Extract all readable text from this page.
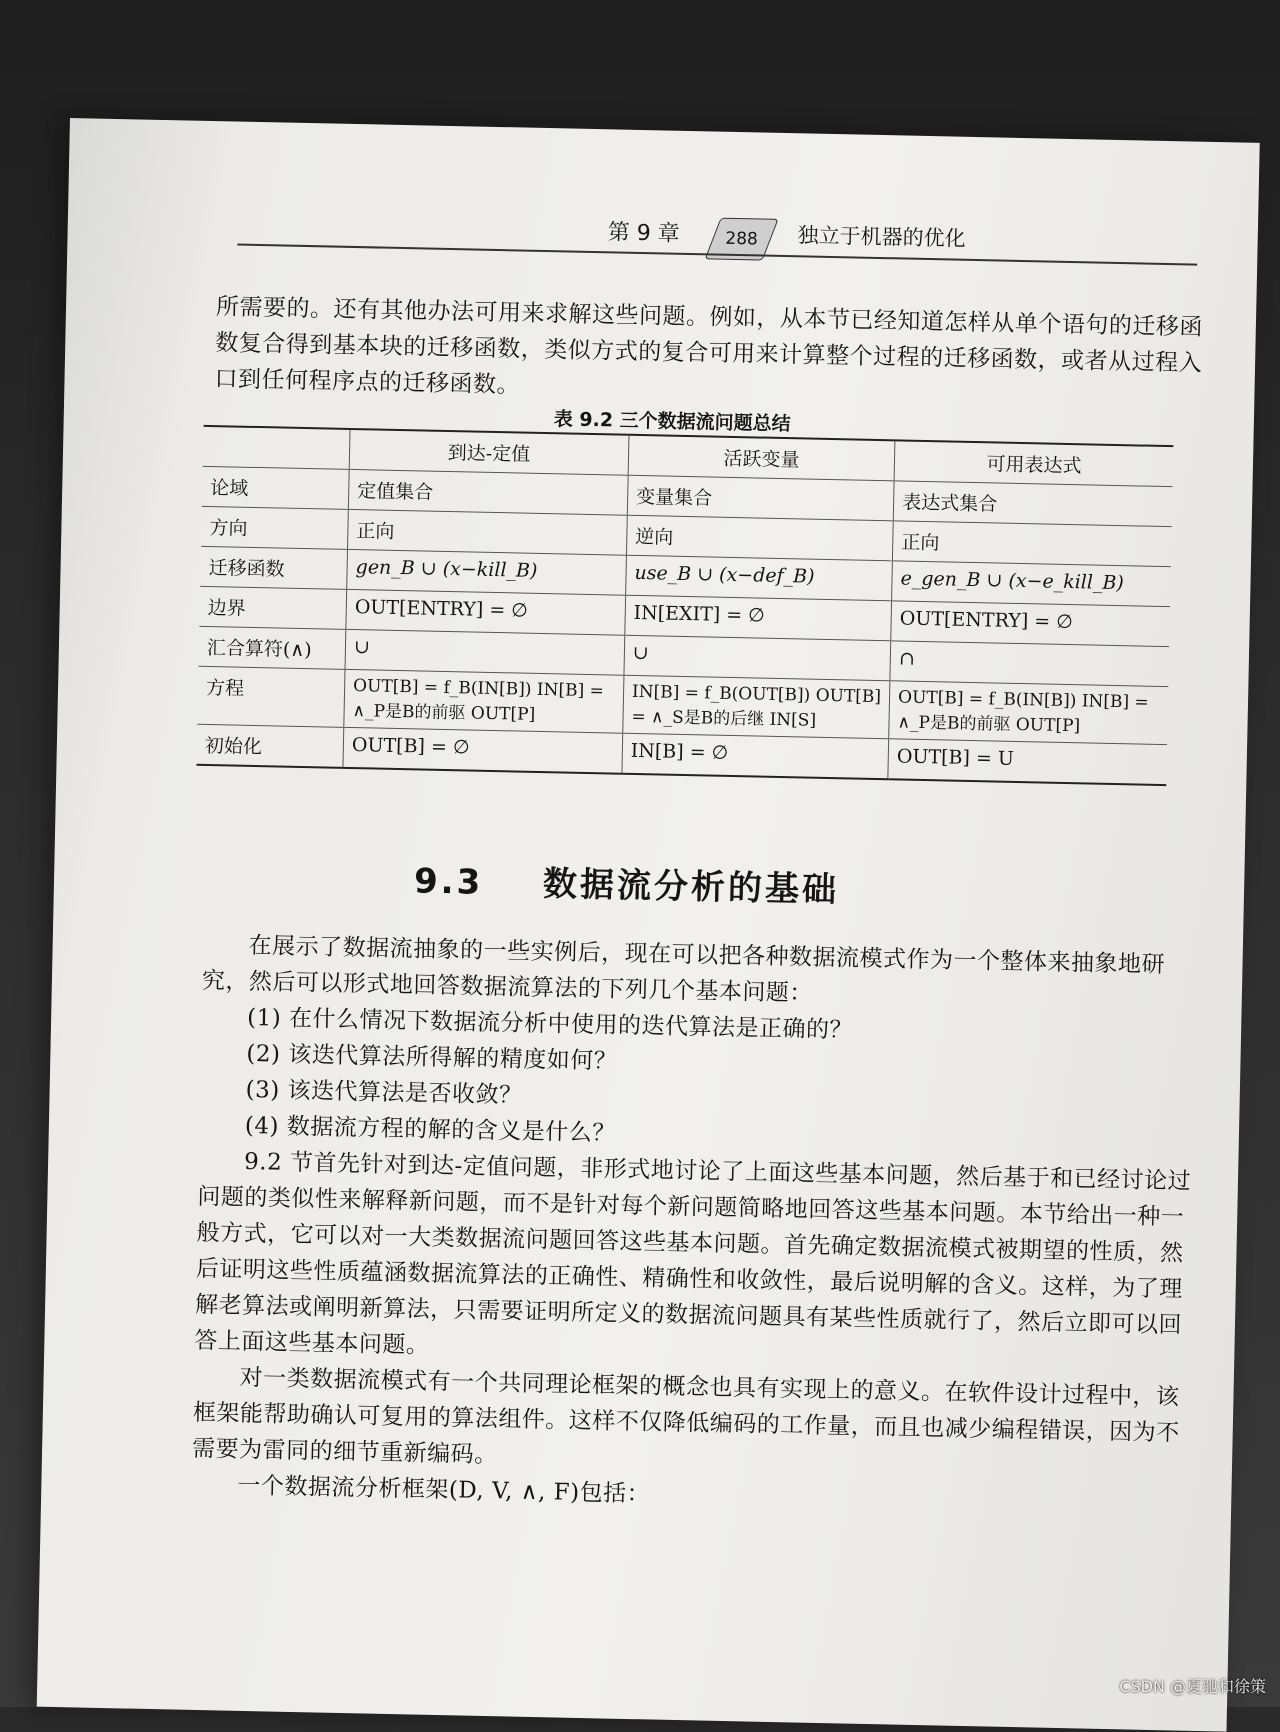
第 9 章	288	独立于机器的优化
所需要的。还有其他办法可用来求解这些问题。例如，从本节已经知道怎样从单个语句的迁移函数复合得到基本块的迁移函数，类似方式的复合可用来计算整个过程的迁移函数，或者从过程入口到任何程序点的迁移函数。
表 9.2 三个数据流问题总结
	到达-定值	活跃变量	可用表达式
论域	定值集合	变量集合	表达式集合
方向	正向	逆向	正向
迁移函数	gen_B ∪ (x−kill_B)	use_B ∪ (x−def_B)	e_gen_B ∪ (x−e_kill_B)
边界	OUT[ENTRY] = ∅	IN[EXIT] = ∅	OUT[ENTRY] = ∅
汇合算符(∧)	∪	∪	∩
方程	OUT[B] = f_B(IN[B]) IN[B] = ∧_P是B的前驱 OUT[P]	IN[B] = f_B(OUT[B]) OUT[B] = ∧_S是B的后继 IN[S]	OUT[B] = f_B(IN[B]) IN[B] = ∧_P是B的前驱 OUT[P]
初始化	OUT[B] = ∅	IN[B] = ∅	OUT[B] = U
9.3 数据流分析的基础
在展示了数据流抽象的一些实例后，现在可以把各种数据流模式作为一个整体来抽象地研究，然后可以形式地回答数据流算法的下列几个基本问题：
(1) 在什么情况下数据流分析中使用的迭代算法是正确的？
(2) 该迭代算法所得解的精度如何？
(3) 该迭代算法是否收敛？
(4) 数据流方程的解的含义是什么？
9.2 节首先针对到达-定值问题，非形式地讨论了上面这些基本问题，然后基于和已经讨论过问题的类似性来解释新问题，而不是针对每个新问题简略地回答这些基本问题。本节给出一种一般方式，它可以对一大类数据流问题回答这些基本问题。首先确定数据流模式被期望的性质，然后证明这些性质蕴涵数据流算法的正确性、精确性和收敛性，最后说明解的含义。这样，为了理解老算法或阐明新算法，只需要证明所定义的数据流问题具有某些性质就行了，然后立即可以回答上面这些基本问题。
对一类数据流模式有一个共同理论框架的概念也具有实现上的意义。在软件设计过程中，该框架能帮助确认可复用的算法组件。这样不仅降低编码的工作量，而且也减少编程错误，因为不需要为雷同的细节重新编码。
一个数据流分析框架(D, V, ∧, F)包括：
CSDN @夏驰和徐策
